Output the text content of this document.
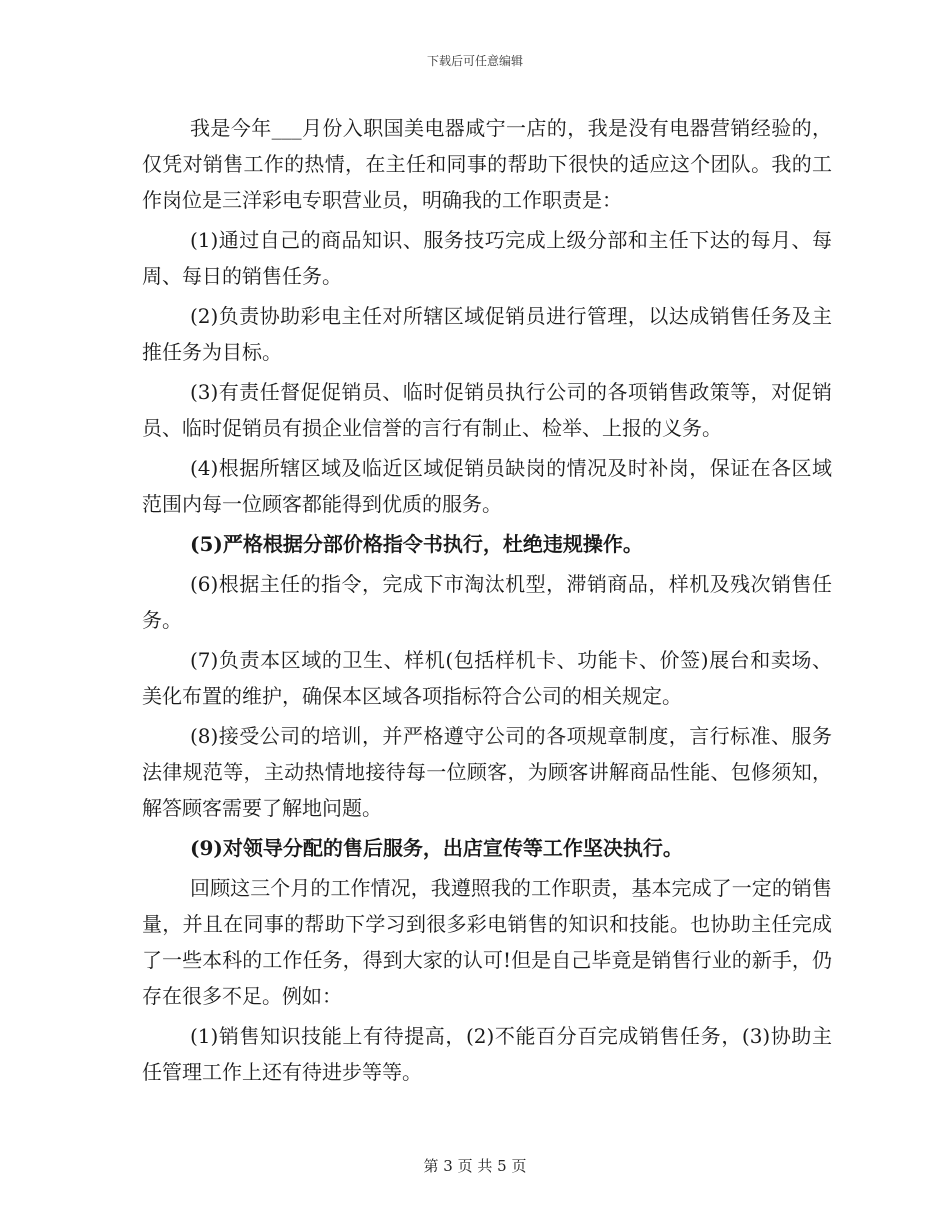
下载后可任意编辑

我是今年___月份入职国美电器咸宁一店的，我是没有电器营销经验的，仅凭对销售工作的热情，在主任和同事的帮助下很快的适应这个团队。我的工作岗位是三洋彩电专职营业员，明确我的工作职责是：

(1)通过自己的商品知识、服务技巧完成上级分部和主任下达的每月、每周、每日的销售任务。

(2)负责协助彩电主任对所辖区域促销员进行管理，以达成销售任务及主推任务为目标。

(3)有责任督促促销员、临时促销员执行公司的各项销售政策等，对促销员、临时促销员有损企业信誉的言行有制止、检举、上报的义务。

(4)根据所辖区域及临近区域促销员缺岗的情况及时补岗，保证在各区域范围内每一位顾客都能得到优质的服务。

(5)严格根据分部价格指令书执行，杜绝违规操作。

(6)根据主任的指令，完成下市淘汰机型，滞销商品，样机及残次销售任务。

(7)负责本区域的卫生、样机(包括样机卡、功能卡、价签)展台和卖场、美化布置的维护，确保本区域各项指标符合公司的相关规定。

(8)接受公司的培训，并严格遵守公司的各项规章制度，言行标准、服务法律规范等，主动热情地接待每一位顾客，为顾客讲解商品性能、包修须知，解答顾客需要了解地问题。

(9)对领导分配的售后服务，出店宣传等工作坚决执行。

回顾这三个月的工作情况，我遵照我的工作职责，基本完成了一定的销售量，并且在同事的帮助下学习到很多彩电销售的知识和技能。也协助主任完成了一些本科的工作任务，得到大家的认可!但是自己毕竟是销售行业的新手，仍存在很多不足。例如：

(1)销售知识技能上有待提高，(2)不能百分百完成销售任务，(3)协助主任管理工作上还有待进步等等。

第 3 页 共 5 页
